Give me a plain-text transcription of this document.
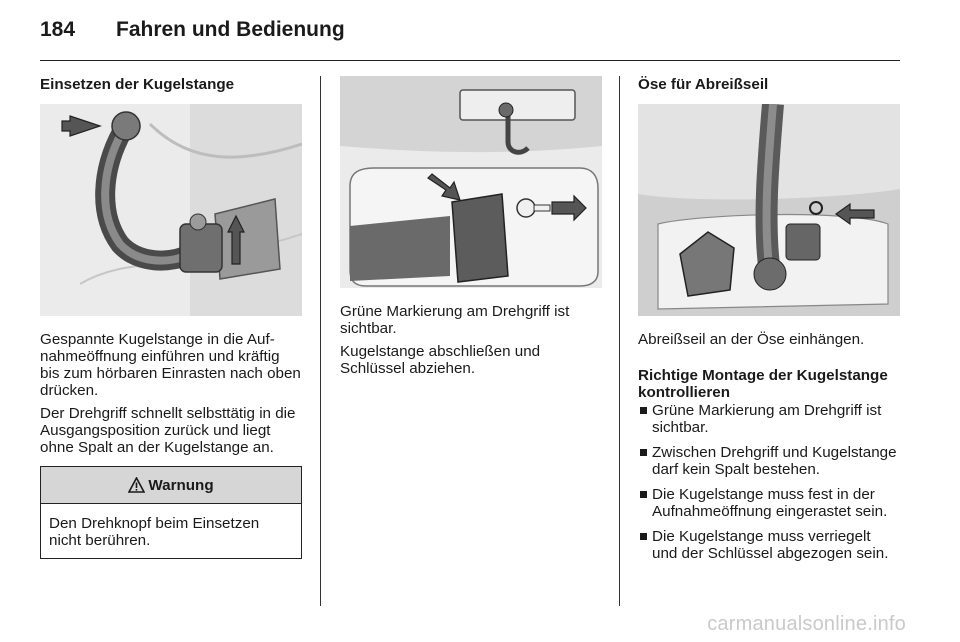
184 Fahren und Bedienung
Einsetzen der Kugelstange

Gespannte Kugelstange in die Aufnahmeöffnung einführen und kräftig bis zum hörbaren Einrasten nach oben drücken.

Der Drehgriff schnellt selbsttätig in die Ausgangsposition zurück und liegt ohne Spalt an der Kugelstange an.

Warnung

Den Drehknopf beim Einsetzen nicht berühren.

Grüne Markierung am Drehgriff ist sichtbar.

Kugelstange abschließen und Schlüssel abziehen.

Öse für Abreißseil

Abreißseil an der Öse einhängen.

Richtige Montage der Kugelstange kontrollieren
Grüne Markierung am Drehgriff ist sichtbar.
Zwischen Drehgriff und Kugelstange darf kein Spalt bestehen.
Die Kugelstange muss fest in der Aufnahmeöffnung eingerastet sein.
Die Kugelstange muss verriegelt und der Schlüssel abgezogen sein.
carmanualsonline.info
